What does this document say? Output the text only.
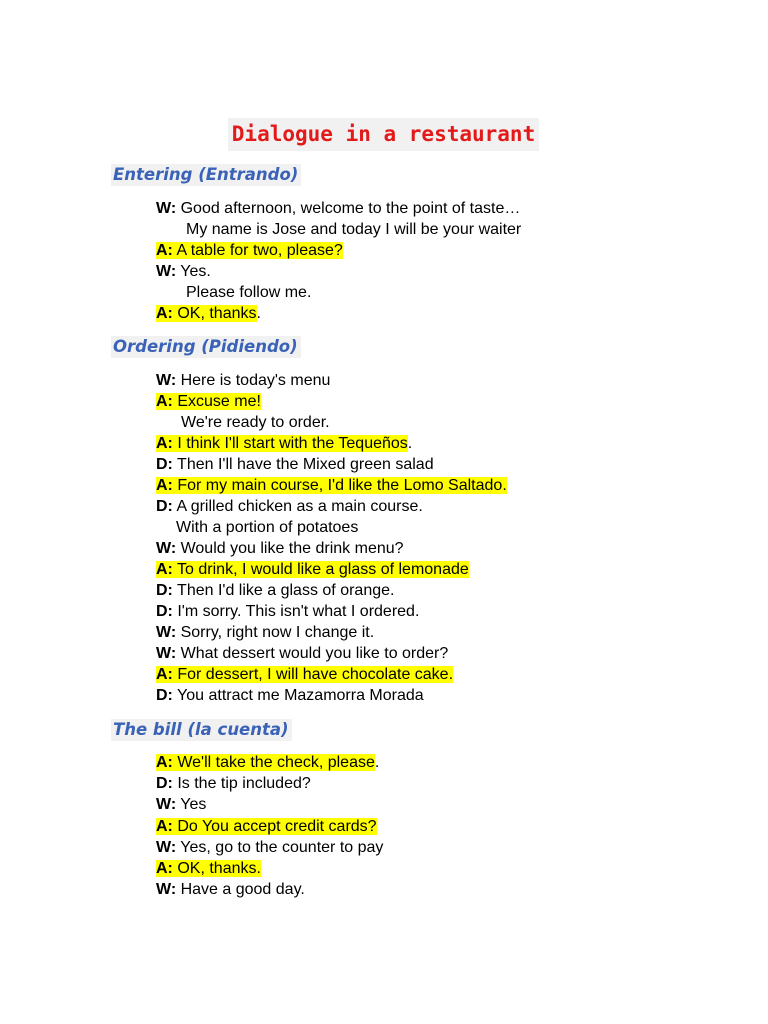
Dialogue in a restaurant
Entering (Entrando)
W: Good afternoon, welcome to the point of taste…
My name is Jose and today I will be your waiter
A: A table for two, please?
W: Yes.
Please follow me.
A: OK, thanks.
Ordering (Pidiendo)
W: Here is today's menu
A: Excuse me!
We're ready to order.
A: I think I'll start with the Tequeños.
D: Then I'll have the Mixed green salad
A: For my main course, I'd like the Lomo Saltado.
D: A grilled chicken as a main course.
With a portion of potatoes
W: Would you like the drink menu?
A: To drink, I would like a glass of lemonade
D: Then I'd like a glass of orange.
D: I'm sorry. This isn't what I ordered.
W: Sorry, right now I change it.
W: What dessert would you like to order?
A: For dessert, I will have chocolate cake.
D: You attract me Mazamorra Morada
The bill (la cuenta)
A: We'll take the check, please.
D: Is the tip included?
W: Yes
A: Do You accept credit cards?
W: Yes, go to the counter to pay
A: OK, thanks.
W: Have a good day.
